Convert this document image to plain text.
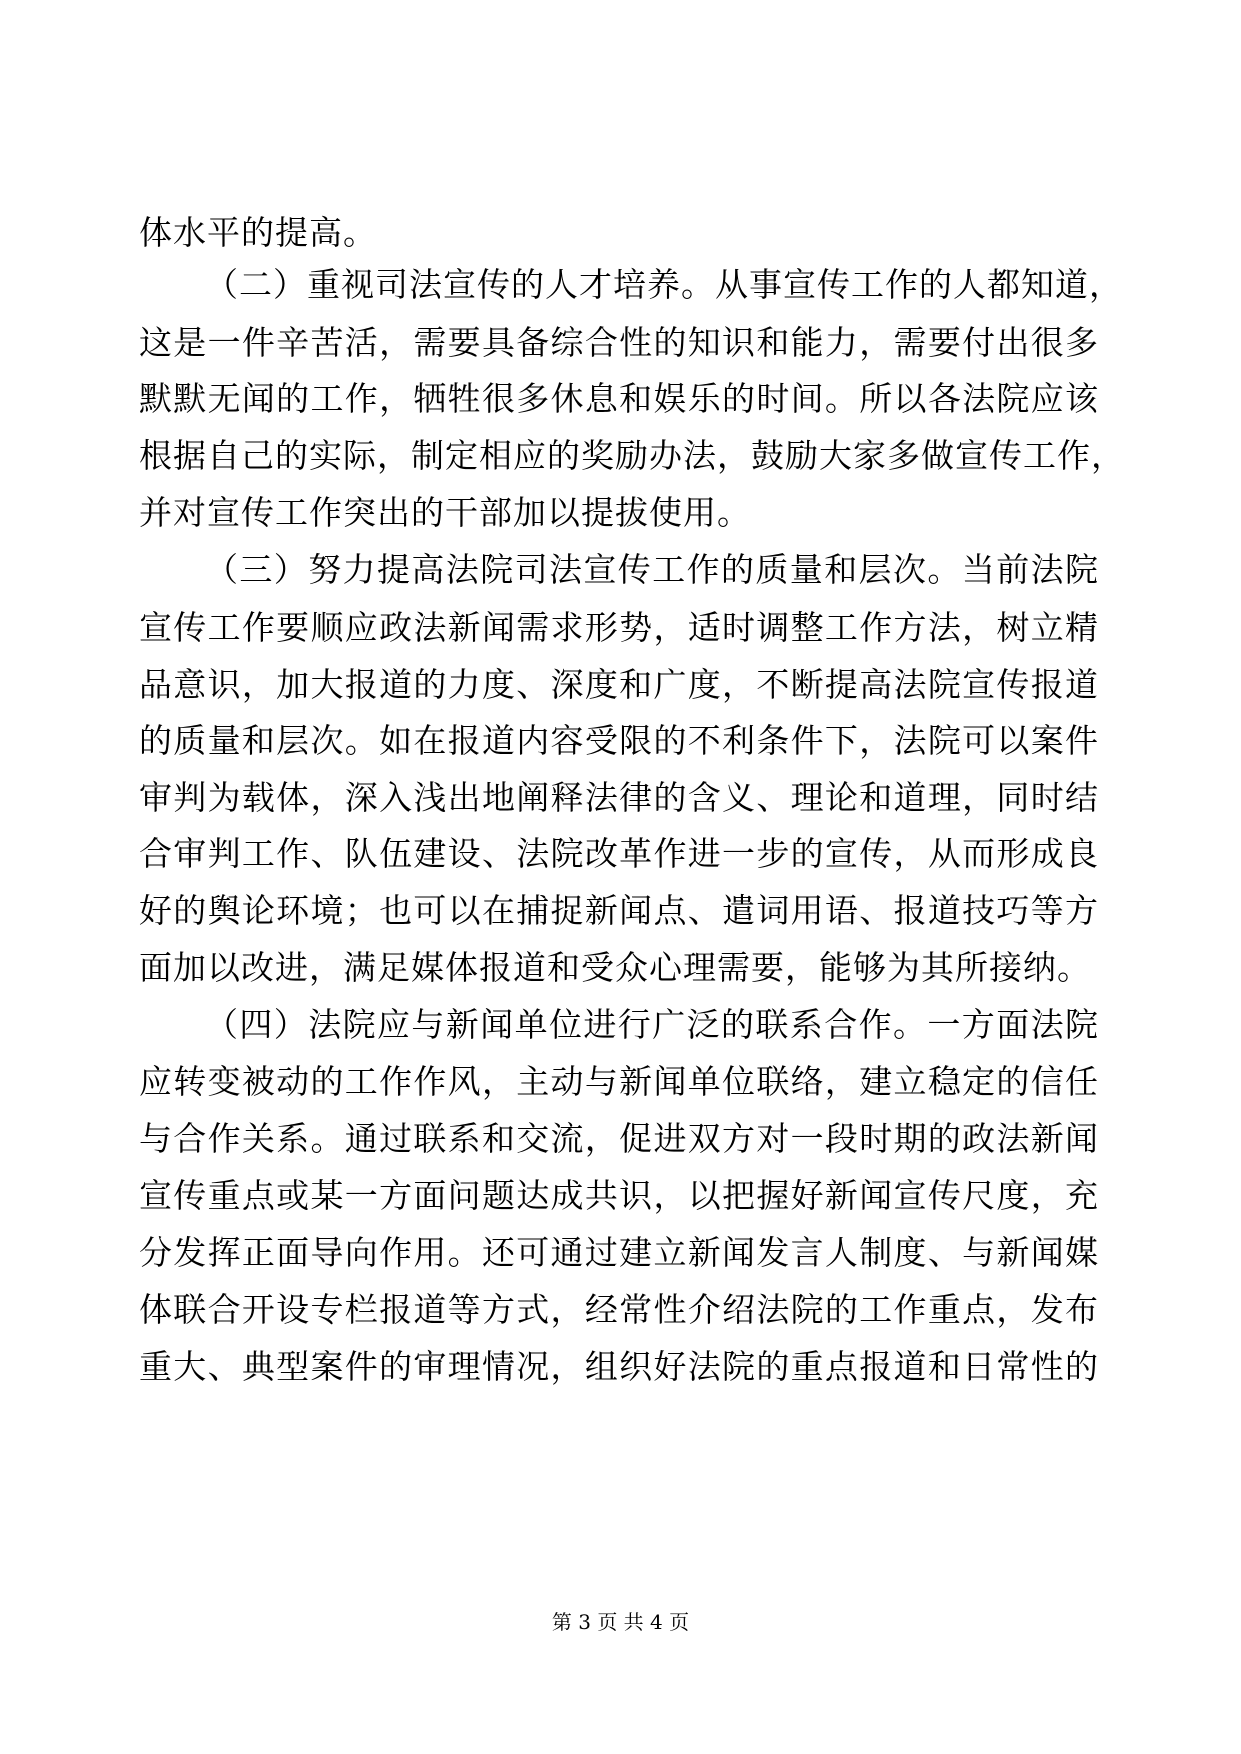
体水平的提高。
（二）重视司法宣传的人才培养。从事宣传工作的人都知道，
这是一件辛苦活，需要具备综合性的知识和能力，需要付出很多
默默无闻的工作，牺牲很多休息和娱乐的时间。所以各法院应该
根据自己的实际，制定相应的奖励办法，鼓励大家多做宣传工作，
并对宣传工作突出的干部加以提拔使用。
（三）努力提高法院司法宣传工作的质量和层次。当前法院
宣传工作要顺应政法新闻需求形势，适时调整工作方法，树立精
品意识，加大报道的力度、深度和广度，不断提高法院宣传报道
的质量和层次。如在报道内容受限的不利条件下，法院可以案件
审判为载体，深入浅出地阐释法律的含义、理论和道理，同时结
合审判工作、队伍建设、法院改革作进一步的宣传，从而形成良
好的舆论环境；也可以在捕捉新闻点、遣词用语、报道技巧等方
面加以改进，满足媒体报道和受众心理需要，能够为其所接纳。
（四）法院应与新闻单位进行广泛的联系合作。一方面法院
应转变被动的工作作风，主动与新闻单位联络，建立稳定的信任
与合作关系。通过联系和交流，促进双方对一段时期的政法新闻
宣传重点或某一方面问题达成共识，以把握好新闻宣传尺度，充
分发挥正面导向作用。还可通过建立新闻发言人制度、与新闻媒
体联合开设专栏报道等方式，经常性介绍法院的工作重点，发布
重大、典型案件的审理情况，组织好法院的重点报道和日常性的
第 3 页 共 4 页
